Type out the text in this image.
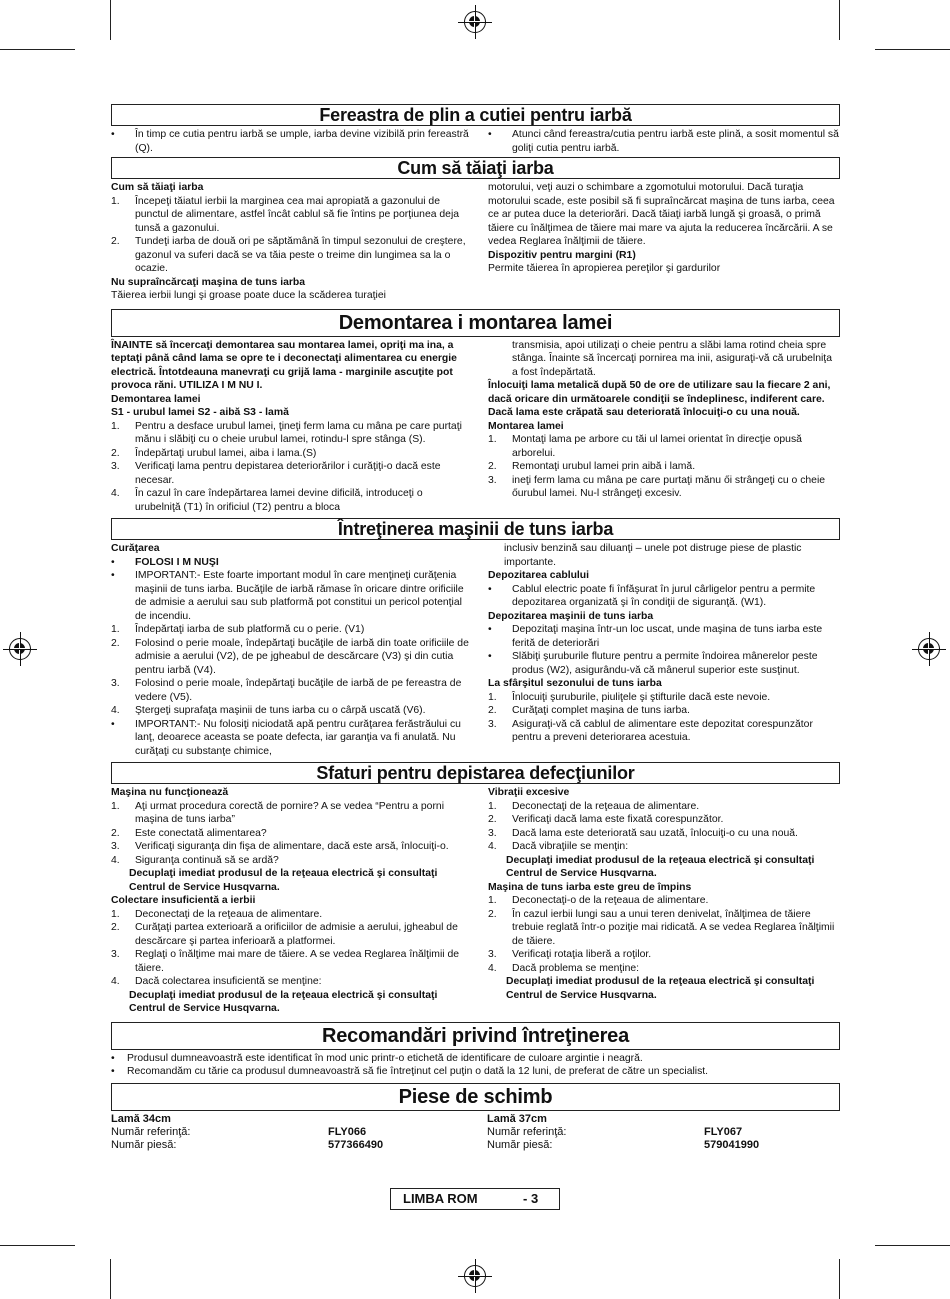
Fereastra de plin a cutiei pentru iarbă
•	În timp ce cutia pentru iarbă se umple, iarba devine vizibilă prin fereastră (Q).
•	Atunci când fereastra/cutia pentru iarbă este plină, a sosit momentul să goliţi cutia pentru iarbă.
Cum să tăiaţi iarba
Cum să tăiaţi iarba
1.	Începeţi tăiatul ierbii la marginea cea mai apropiată a gazonului de punctul de alimentare, astfel încât cablul să fie întins pe porţiunea deja tunsă a gazonului.
2.	Tundeţi iarba de două ori pe săptămână în timpul sezonului de creştere, gazonul va suferi dacă se va tăia peste o treime din lungimea sa la o ocazie.
Nu supraîncărcaţi maşina de tuns iarba
Tăierea ierbii lungi şi groase poate duce la scăderea turaţiei
motorului, veţi auzi o schimbare a zgomotului motorului. Dacă turaţia motorului scade, este posibil să fi supraîncărcat maşina de tuns iarba, ceea ce ar putea duce la deteriorări. Dacă tăiaţi iarbă lungă şi groasă, o primă tăiere cu înălţimea de tăiere mai mare va ajuta la reducerea încărcării. A se vedea Reglarea înălţimii de tăiere.
Dispozitiv pentru margini (R1)
Permite tăierea în apropierea pereţilor şi gardurilor
Demontarea i montarea lamei
ÎNAINTE să încercaţi demontarea sau montarea lamei, opriţi ma ina, a teptaţi până când lama se opre te i deconectaţi alimentarea cu energie electrică. Întotdeauna manevraţi cu grijă lama - marginile ascuţite pot provoca răni. UTILIZA I M NU I.
Demontarea lamei
S1 - urubul lamei S2 - aibă S3 - lamă
1.	Pentru a desface urubul lamei, ţineţi ferm lama cu mâna pe care purtaţi mănu i slăbiţi cu o cheie urubul lamei, rotindu-l spre stânga (S).
2.	Îndepărtaţi urubul lamei, aiba i lama.(S)
3.	Verificaţi lama pentru depistarea deteriorărilor i curăţiţi-o dacă este necesar.
4.	În cazul în care îndepărtarea lamei devine dificilă, introduceţi o urubelniţă (T1) în orificiul (T2) pentru a bloca
transmisia, apoi utilizaţi o cheie pentru a slăbi lama rotind cheia spre stânga. Înainte să încercaţi pornirea ma inii, asiguraţi-vă că urubelniţa a fost îndepărtată.
Înlocuiţi lama metalică după 50 de ore de utilizare sau la fiecare 2 ani, dacă oricare din următoarele condiţii se îndeplinesc, indiferent care. Dacă lama este crăpată sau deteriorată înlocuiţi-o cu una nouă.
Montarea lamei
1.	Montaţi lama pe arbore cu tăi ul lamei orientat în direcţie opusă arborelui.
2.	Remontaţi urubul lamei prin aibă i lamă.
3.	ineţi ferm lama cu mâna pe care purtaţi mănu ői strângeţi cu o cheie őurubul lamei. Nu-l strângeţi excesiv.
Întreţinerea maşinii de tuns iarba
Curăţarea
•	FOLOSI I M NUŞI
•	IMPORTANT:- Este foarte important modul în care menţineţi curăţenia maşinii de tuns iarba. Bucăţile de iarbă rămase în oricare dintre orificiile de admisie a aerului sau sub platformă pot constitui un pericol potenţial de incendiu.
1.	Îndepărtaţi iarba de sub platformă cu o perie. (V1)
2.	Folosind o perie moale, îndepărtaţi bucăţile de iarbă din toate orificiile de admisie a aerului (V2), de pe jgheabul de descărcare (V3) şi din cutia pentru iarbă (V4).
3.	Folosind o perie moale, îndepărtaţi bucăţile de iarbă de pe fereastra de vedere (V5).
4.	Ştergeţi suprafaţa maşinii de tuns iarba cu o cârpă uscată (V6).
•	IMPORTANT:- Nu folosiţi niciodată apă pentru curăţarea ferăstrăului cu lanţ, deoarece aceasta se poate defecta, iar garanţia va fi anulată. Nu curăţaţi cu substanţe chimice,
inclusiv benzină sau diluanţi – unele pot distruge piese de plastic importante.
Depozitarea cablului
•	Cablul electric poate fi înfăşurat în jurul cârligelor pentru a permite depozitarea organizată şi în condiţii de siguranţă. (W1).
Depozitarea maşinii de tuns iarba
•	Depozitaţi maşina într-un loc uscat, unde maşina de tuns iarba este ferită de deteriorări
•	Slăbiţi şuruburile fluture pentru a permite îndoirea mânerelor peste produs (W2), asigurându-vă că mânerul superior este susţinut.
La sfârşitul sezonului de tuns iarba
1.	Înlocuiţi şuruburile, piuliţele şi ştifturile dacă este nevoie.
2.	Curăţaţi complet maşina de tuns iarba.
3.	Asiguraţi-vă că cablul de alimentare este depozitat corespunzător pentru a preveni deteriorarea acestuia.
Sfaturi pentru depistarea defecţiunilor
Maşina nu funcţionează
1.	Aţi urmat procedura corectă de pornire? A se vedea “Pentru a porni maşina de tuns iarba”
2.	Este conectată alimentarea?
3.	Verificaţi siguranţa din fişa de alimentare, dacă este arsă, înlocuiţi-o.
4.	Siguranţa continuă să se ardă?
Decuplaţi imediat produsul de la reţeaua electrică şi consultaţi Centrul de Service Husqvarna.
Colectare insuficientă a ierbii
1.	Deconectaţi de la reţeaua de alimentare.
2.	Curăţaţi partea exterioară a orificiilor de admisie a aerului, jgheabul de descărcare şi partea inferioară a platformei.
3.	Reglaţi o înălţime mai mare de tăiere. A se vedea Reglarea înălţimii de tăiere.
4.	Dacă colectarea insuficientă se menţine:
Decuplaţi imediat produsul de la reţeaua electrică şi consultaţi Centrul de Service Husqvarna.
Vibraţii excesive
1.	Deconectaţi de la reţeaua de alimentare.
2.	Verificaţi dacă lama este fixată corespunzător.
3.	Dacă lama este deteriorată sau uzată, înlocuiţi-o cu una nouă.
4.	Dacă vibraţiile se menţin:
Decuplaţi imediat produsul de la reţeaua electrică şi consultaţi Centrul de Service Husqvarna.
Maşina de tuns iarba este greu de împins
1.	Deconectaţi-o de la reţeaua de alimentare.
2.	În cazul ierbii lungi sau a unui teren denivelat, înălţimea de tăiere trebuie reglată într-o poziţie mai ridicată. A se vedea Reglarea înălţimii de tăiere.
3.	Verificaţi rotaţia liberă a roţilor.
4.	Dacă problema se menţine:
Decuplaţi imediat produsul de la reţeaua electrică şi consultaţi Centrul de Service Husqvarna.
Recomandări privind întreţinerea
•	Produsul dumneavoastră este identificat în mod unic printr-o etichetă de identificare de culoare argintie i neagră.
•	Recomandăm cu tărie ca produsul dumneavoastră să fie întreţinut cel puţin o dată la 12 luni, de preferat de către un specialist.
Piese de schimb
Lamă 34cm	Lamă 37cm
Număr referinţă:	FLY066	Număr referinţă:	FLY067
Număr piesă:	577366490	Număr piesă:	579041990
LIMBA ROM	- 3
